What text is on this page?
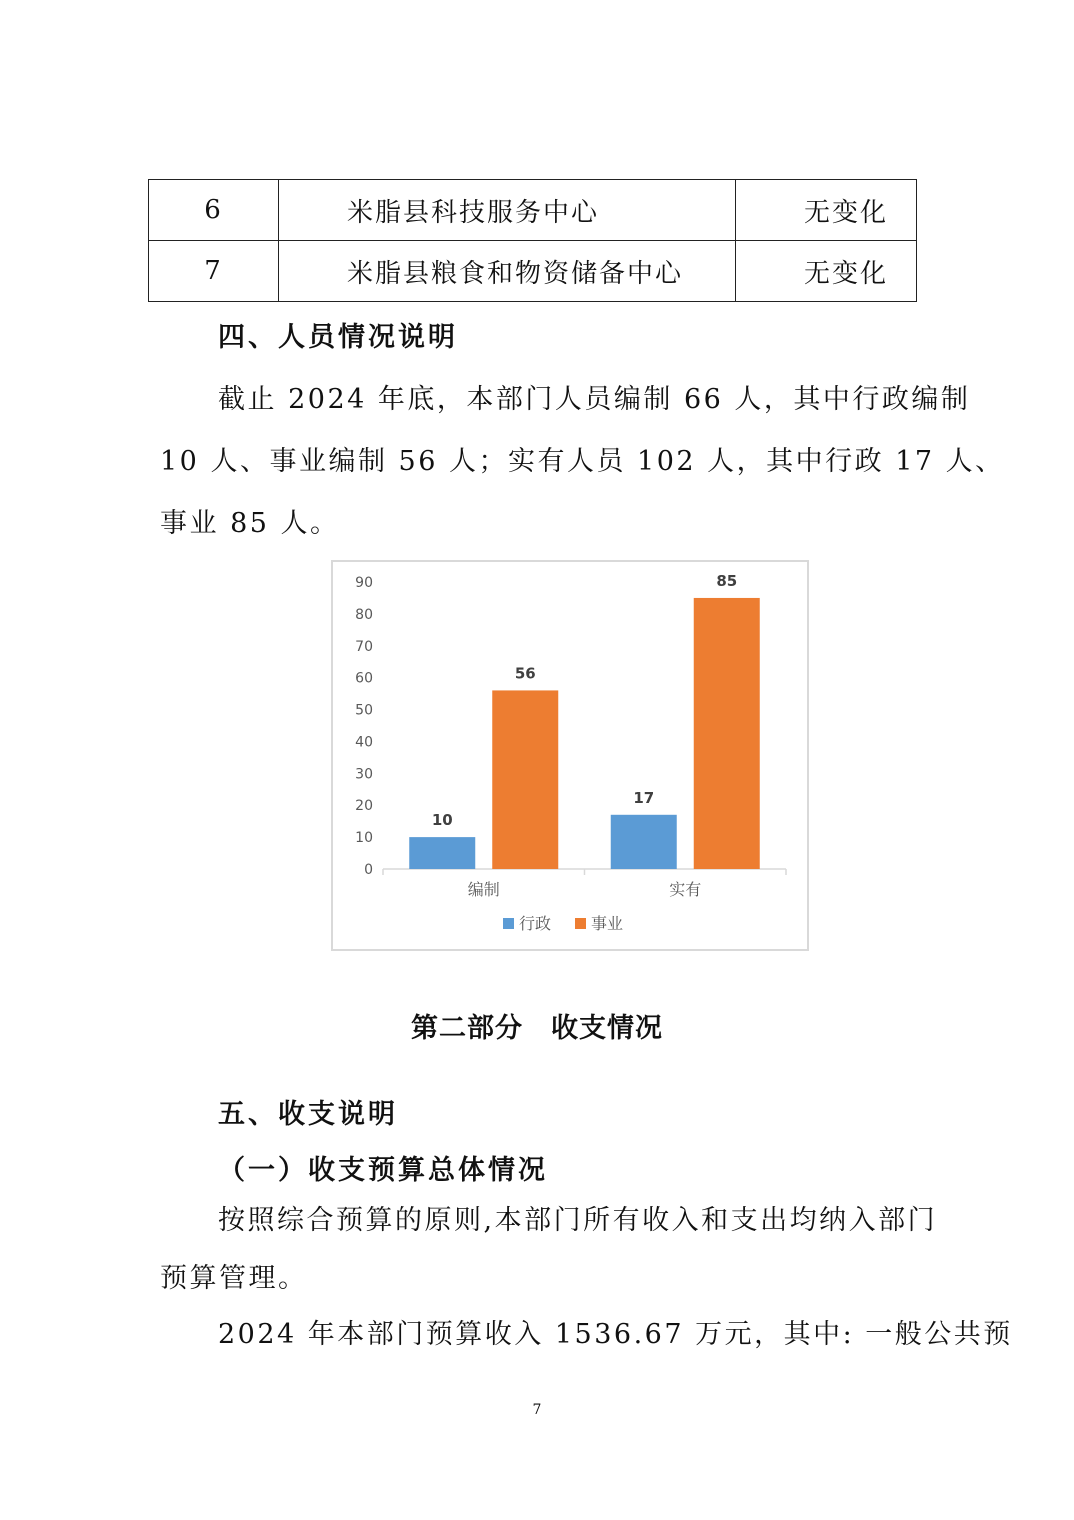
6	米脂县科技服务中心	无变化
7	米脂县粮食和物资储备中心	无变化
四、人员情况说明
截止 2024 年底，本部门人员编制 66 人，其中行政编制
10 人、事业编制 56 人；实有人员 102 人，其中行政 17 人、
事业 85 人。
0
10
20
30
40
50
60
70
80
90
10
56
编制
17
85
实有
行政 事业
第二部分　收支情况
五、收支说明
（一）收支预算总体情况
按照综合预算的原则,本部门所有收入和支出均纳入部门
预算管理。
2024 年本部门预算收入 1536.67 万元，其中: 一般公共预
7
